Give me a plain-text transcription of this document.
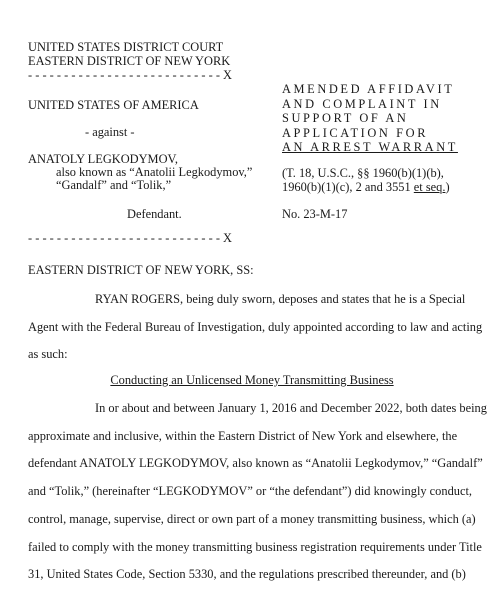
UNITED STATES DISTRICT COURT
EASTERN DISTRICT OF NEW YORK
- - - - - - - - - - - - - - - - - - - - - - - - - - - X
UNITED STATES OF AMERICA
- against -
ANATOLY LEGKODYMOV,
also known as “Anatolii Legkodymov,”
“Gandalf” and “Tolik,”
Defendant.
- - - - - - - - - - - - - - - - - - - - - - - - - - - X
AMENDED AFFIDAVIT
AND COMPLAINT IN
SUPPORT OF AN
APPLICATION FOR
AN ARREST WARRANT
(T. 18, U.S.C., §§ 1960(b)(1)(b),
1960(b)(1)(c), 2 and 3551 et seq.)
No. 23-M-17
EASTERN DISTRICT OF NEW YORK, SS:
RYAN ROGERS, being duly sworn, deposes and states that he is a Special
Agent with the Federal Bureau of Investigation, duly appointed according to law and acting
as such:
Conducting an Unlicensed Money Transmitting Business
In or about and between January 1, 2016 and December 2022, both dates being
approximate and inclusive, within the Eastern District of New York and elsewhere, the
defendant ANATOLY LEGKODYMOV, also known as “Anatolii Legkodymov,” “Gandalf”
and “Tolik,” (hereinafter “LEGKODYMOV” or “the defendant”) did knowingly conduct,
control, manage, supervise, direct or own part of a money transmitting business, which (a)
failed to comply with the money transmitting business registration requirements under Title
31, United States Code, Section 5330, and the regulations prescribed thereunder, and (b)
